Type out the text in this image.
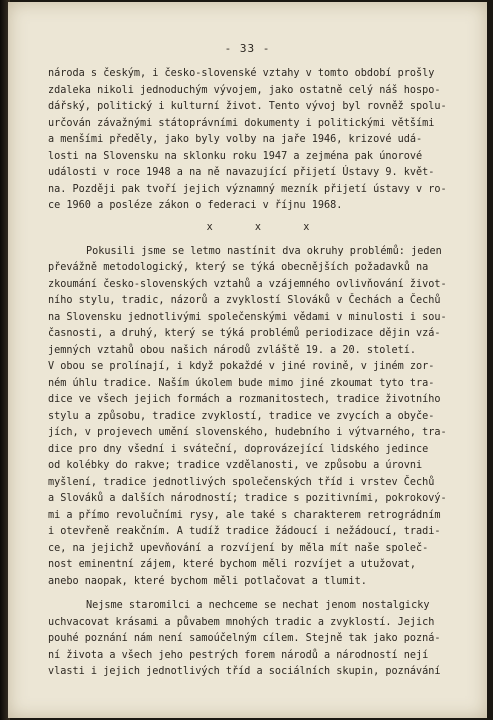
- 33 -
národa s českým, i česko-slovenské vztahy v tomto období prošly
zdaleka nikoli jednoduchým vývojem, jako ostatně celý náš hospo-
dářský, politický i kulturní život. Tento vývoj byl rovněž spolu-
určován závažnými státoprávními dokumenty i politickými většími
a menšími předěly, jako byly volby na jaře 1946, krizové udá-
losti na Slovensku na sklonku roku 1947 a zejména pak únorové
události v roce 1948 a na ně navazující přijetí Ústavy 9. květ-
na. Později pak tvoří jejich významný mezník přijetí ústavy v ro-
ce 1960 a posléze zákon o federaci v říjnu 1968.
x x x
Pokusili jsme se letmo nastínit dva okruhy problémů: jeden
převážně metodologický, který se týká obecnějších požadavků na
zkoumání česko-slovenských vztahů a vzájemného ovlivňování život-
ního stylu, tradic, názorů a zvyklostí Slováků v Čechách a Čechů
na Slovensku jednotlivými společenskými vědami v minulosti i sou-
časnosti, a druhý, který se týká problémů periodizace dějin vzá-
jemných vztahů obou našich národů zvláště 19. a 20. století.
V obou se prolínají, i když pokaždé v jiné rovině, v jiném zor-
ném úhlu tradice. Naším úkolem bude mimo jiné zkoumat tyto tra-
dice ve všech jejich formách a rozmanitostech, tradice životního
stylu a způsobu, tradice zvyklostí, tradice ve zvycích a obyče-
jích, v projevech umění slovenského, hudebního i výtvarného, tra-
dice pro dny všední i sváteční, doprovázející lidského jedince
od kolébky do rakve; tradice vzdělanosti, ve způsobu a úrovni
myšlení, tradice jednotlivých společenských tříd i vrstev Čechů
a Slováků a dalších národností; tradice s pozitivními, pokrokový-
mi a přímo revolučními rysy, ale také s charakterem retrográdním
i otevřeně reakčním. A tudíž tradice žádoucí i nežádoucí, tradi-
ce, na jejichž upevňování a rozvíjení by měla mít naše společ-
nost eminentní zájem, které bychom měli rozvíjet a utužovat,
anebo naopak, které bychom měli potlačovat a tlumit.
Nejsme staromilci a nechceme se nechat jenom nostalgicky
uchvacovat krásami a půvabem mnohých tradic a zvyklostí. Jejich
pouhé poznání nám není samoúčelným cílem. Stejně tak jako pozná-
ní života a všech jeho pestrých forem národů a národností nejí
vlasti i jejich jednotlivých tříd a sociálních skupin, poznávání
